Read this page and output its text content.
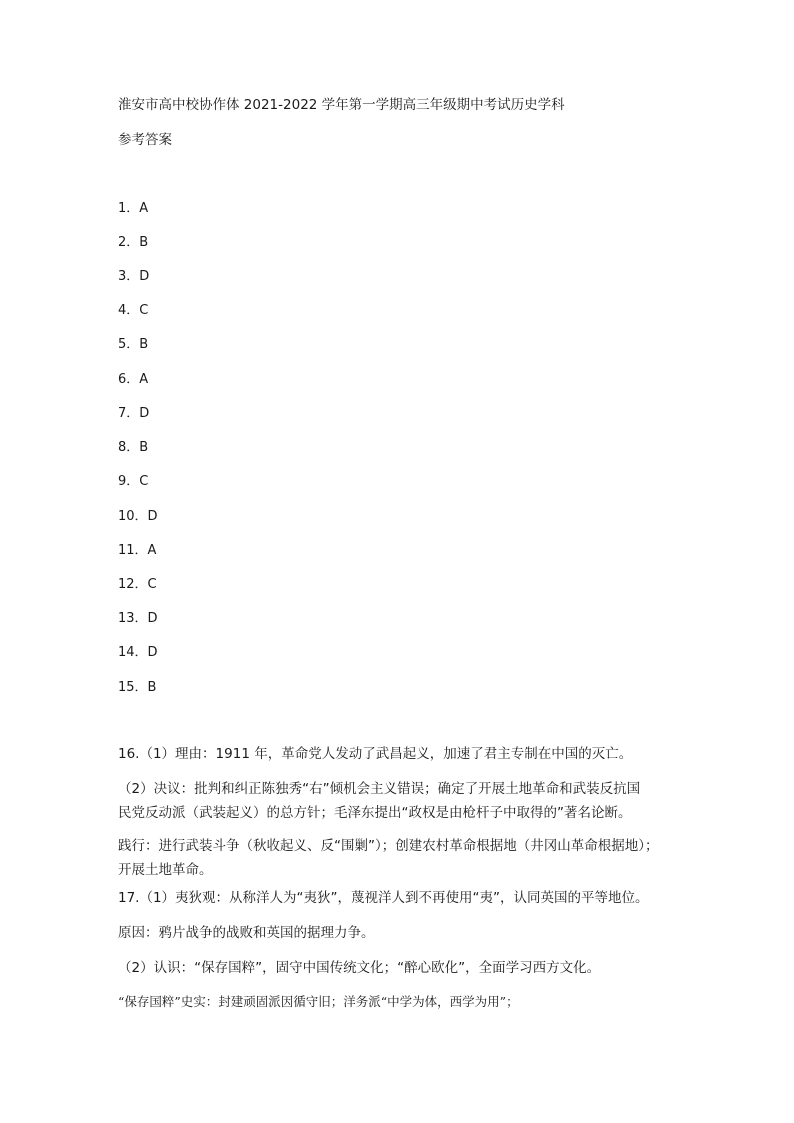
淮安市高中校协作体 2021-2022 学年第一学期高三年级期中考试历史学科
参考答案
1．A
2．B
3．D
4．C
5．B
6．A
7．D
8．B
9．C
10．D
11．A
12．C
13．D
14．D
15．B
16.（1）理由：1911 年，革命党人发动了武昌起义，加速了君主专制在中国的灭亡。
（2）决议：批判和纠正陈独秀“右”倾机会主义错误；确定了开展土地革命和武装反抗国
民党反动派（武装起义）的总方针；毛泽东提出“政权是由枪杆子中取得的”著名论断。
践行：进行武装斗争（秋收起义、反“围剿”）；创建农村革命根据地（井冈山革命根据地）；
开展土地革命。
17.（1）夷狄观：从称洋人为“夷狄”，蔑视洋人到不再使用“夷”，认同英国的平等地位。
原因：鸦片战争的战败和英国的据理力争。
（2）认识：“保存国粹”，固守中国传统文化；“醉心欧化”，全面学习西方文化。
“保存国粹”史实：封建顽固派因循守旧；洋务派“中学为体，西学为用”；
